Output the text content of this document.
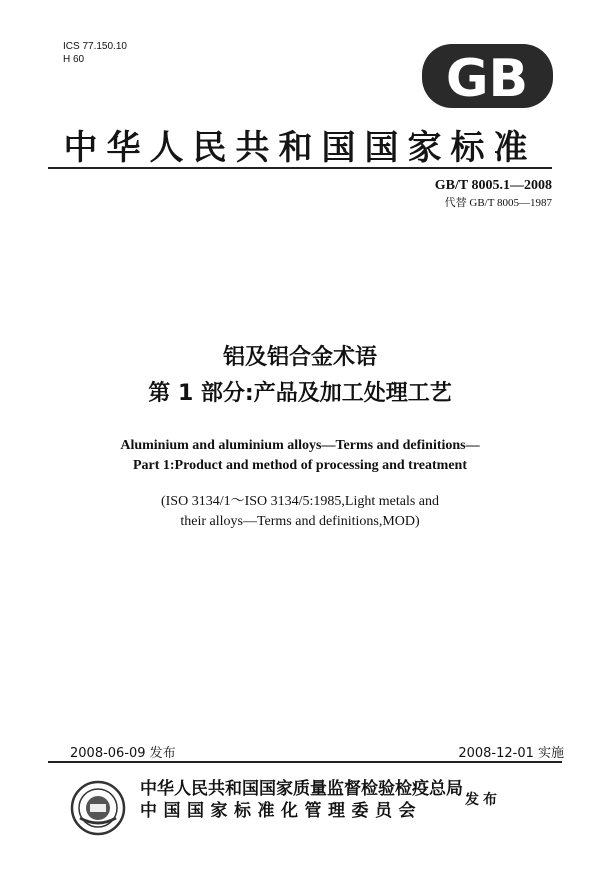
ICS 77.150.10
H 60	GB
中华人民共和国国家标准
GB/T 8005.1—2008
代替 GB/T 8005—1987
铝及铝合金术语
第 1 部分:产品及加工处理工艺
Aluminium and aluminium alloys—Terms and definitions—
Part 1:Product and method of processing and treatment
(ISO 3134/1～ISO 3134/5:1985,Light metals and
their alloys—Terms and definitions,MOD)
2008-06-09 发布	2008-12-01 实施
中华人民共和国国家质量监督检验检疫总局
中国国家标准化管理委员会
发布
